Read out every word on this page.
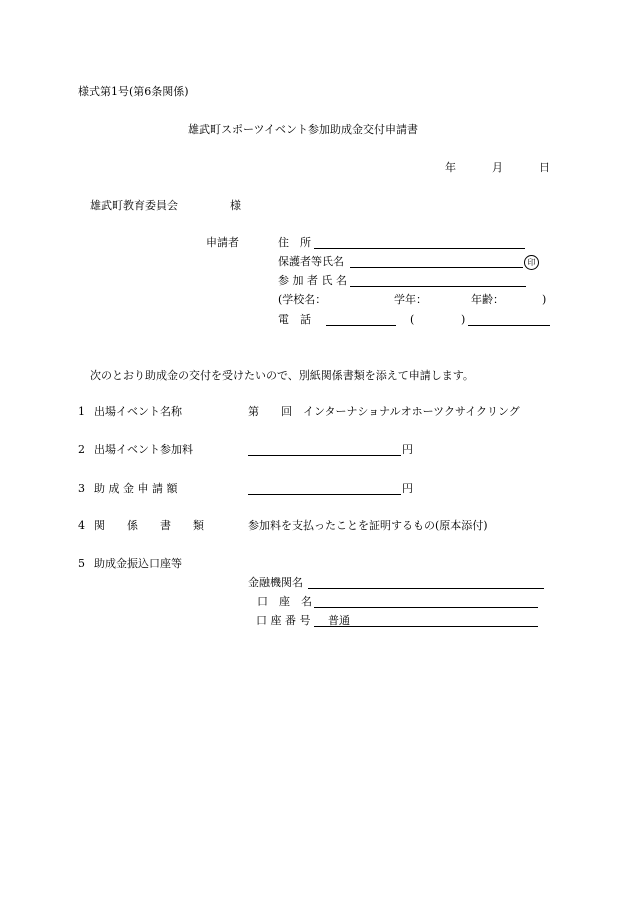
様式第1号(第6条関係)
雄武町スポーツイベント参加助成金交付申請書
年	月	日
雄武町教育委員会	様
申請者	住　所
保護者等氏名	印
参 加 者 氏 名
(学校名：	学年：	年齢：	)
電　話	(	)
次のとおり助成金の交付を受けたいので、別紙関係書類を添えて申請します。
1 出場イベント名称	第　　回　インターナショナルオホーツクサイクリング
2 出場イベント参加料	円
3 助 成 金 申 請 額	円
4 関　　係　　書　　類	参加料を支払ったことを証明するもの(原本添付)
5 助成金振込口座等
金融機関名
口　座　名
口 座 番 号 普通
